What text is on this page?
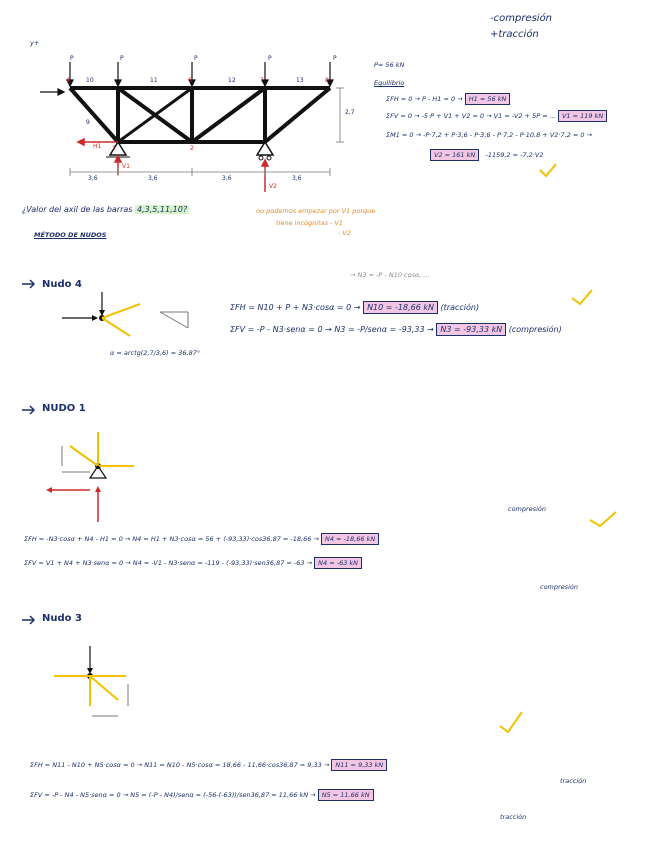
-compresión
+tracción
y+
4
1	2
6	7	8
P	P	P	P	P
10	11	12	13
9
H1
V1
V2
2,7
3,6	3,6	3,6	3,6
P= 56 kN
Equilibrio
ΣFH = 0 → P - H1 = 0 → H1 = 56 kN
ΣFV = 0 → -5·P + V1 + V2 = 0 → V1 = -V2 + 5P = ... V1 = 119 kN
ΣM1 = 0 → -P·7,2 + P·3,6 - P·3,6 - P·7,2 - P·10,8 + V2·7,2 = 0 →
V2 = 161 kN -1159,2 = -7,2·V2
¿Valor del axil de las barras 4,3,5,11,10?	no podemos empezar por V1 porque
tiene incógnitas - V1
- V2
MÉTODO DE NUDOS
Nudo 4
→ N3 = -P - N10·cosα, ...
ΣFH = N10 + P + N3·cosα = 0 → N10 = -18,66 kN (tracción)
ΣFV = -P - N3·senα = 0 → N3 = -P/senα = -93,33 → N3 = -93,33 kN (compresión)
α = arctg(2,7/3,6) = 36,87°
NUDO 1
ΣFH = -N3·cosα + N4 - H1 = 0 → N4 = H1 + N3·cosα = 56 + (-93,33)·cos36,87 = -18,66 → N4 = -18,66 kN
compresión
ΣFV = V1 + N4 + N3·senα = 0 → N4 = -V1 - N3·senα = -119 - (-93,33)·sen36,87 = -63 → N4 = -63 kN
compresión
Nudo 3
ΣFH = N11 - N10 + N5·cosα = 0 → N11 = N10 - N5·cosα = 18,66 - 11,66·cos36,87 = 9,33 → N11 = 9,33 kN
tracción
ΣFV = -P - N4 - N5·senα = 0 → N5 = (-P - N4)/senα = (-56-(-63))/sen36,87 = 11,66 kN → N5 = 11,66 kN
tracción
